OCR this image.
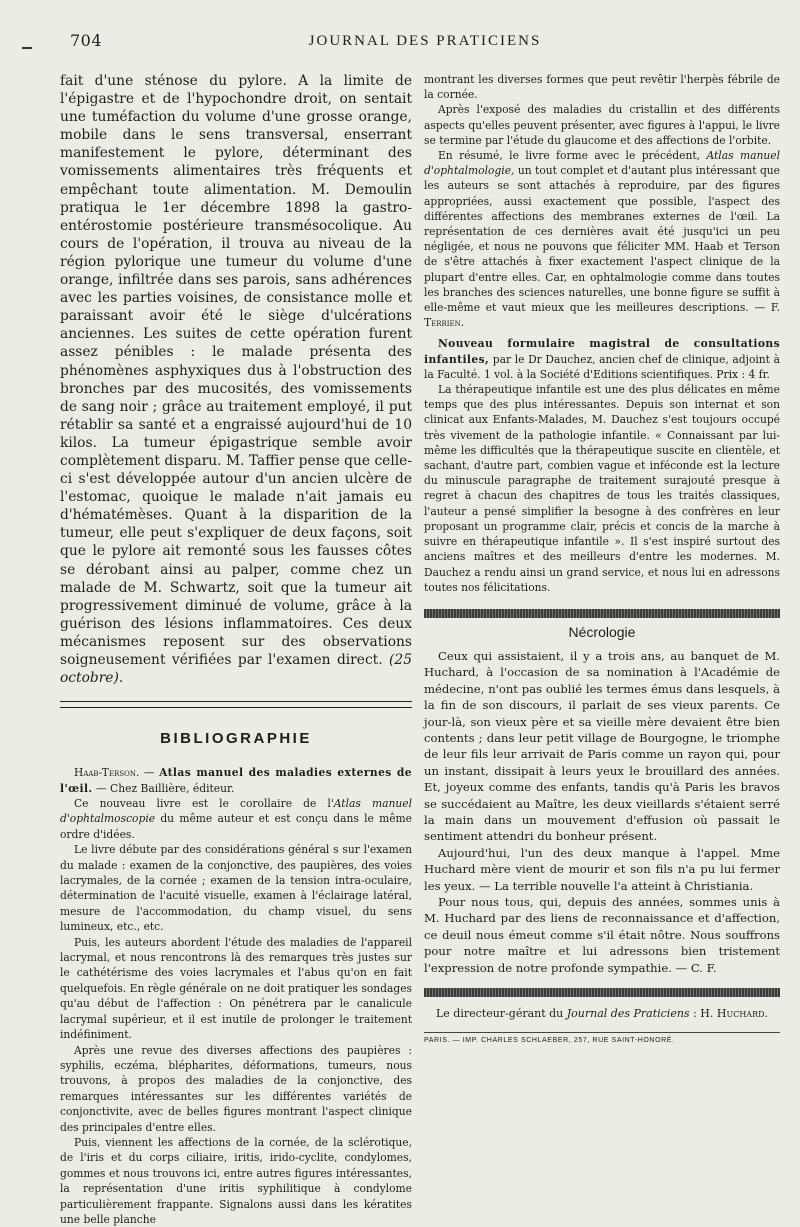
704	JOURNAL DES PRATICIENS

fait d'une sténose du pylore. A la limite de l'épigastre et de l'hypochondre droit, on sentait une tuméfaction du volume d'une grosse orange, mobile dans le sens transversal, enserrant manifestement le pylore, déterminant des vomissements alimentaires très fréquents et empêchant toute alimentation. M. Demoulin pratiqua le 1er décembre 1898 la gastro-entérostomie postérieure transmésocolique. Au cours de l'opération, il trouva au niveau de la région pylorique une tumeur du volume d'une orange, infiltrée dans ses parois, sans adhérences avec les parties voisines, de consistance molle et paraissant avoir été le siège d'ulcérations anciennes. Les suites de cette opération furent assez pénibles : le malade présenta des phénomènes asphyxiques dus à l'obstruction des bronches par des mucosités, des vomissements de sang noir ; grâce au traitement employé, il put rétablir sa santé et a engraissé aujourd'hui de 10 kilos. La tumeur épigastrique semble avoir complètement disparu. M. Taffier pense que celle-ci s'est développée autour d'un ancien ulcère de l'estomac, quoique le malade n'ait jamais eu d'hématémèses. Quant à la disparition de la tumeur, elle peut s'expliquer de deux façons, soit que le pylore ait remonté sous les fausses côtes se dérobant ainsi au palper, comme chez un malade de M. Schwartz, soit que la tumeur ait progressivement diminué de volume, grâce à la guérison des lésions inflammatoires. Ces deux mécanismes reposent sur des observations soigneusement vérifiées par l'examen direct. (25 octobre).

BIBLIOGRAPHIE

Haab-Terson. — Atlas manuel des maladies externes de l'œil. — Chez Baillière, éditeur.

Ce nouveau livre est le corollaire de l'Atlas manuel d'ophtalmoscopie du même auteur et est conçu dans le même ordre d'idées.

Le livre débute par des considérations général s sur l'examen du malade : examen de la conjonctive, des paupières, des voies lacrymales, de la cornée ; examen de la tension intra-oculaire, détermination de l'acuité visuelle, examen à l'éclairage latéral, mesure de l'accommodation, du champ visuel, du sens lumineux, etc., etc.

Puis, les auteurs abordent l'étude des maladies de l'appareil lacrymal, et nous rencontrons là des remarques très justes sur le cathétérisme des voies lacrymales et l'abus qu'on en fait quelquefois. En règle générale on ne doit pratiquer les sondages qu'au début de l'affection : On pénétrera par le canalicule lacrymal supérieur, et il est inutile de prolonger le traitement indéfiniment.

Après une revue des diverses affections des paupières : syphilis, eczéma, blépharites, déformations, tumeurs, nous trouvons, à propos des maladies de la conjonctive, des remarques intéressantes sur les différentes variétés de conjonctivite, avec de belles figures montrant l'aspect clinique des principales d'entre elles.

Puis, viennent les affections de la cornée, de la sclérotique, de l'iris et du corps ciliaire, iritis, irido-cyclite, condylomes, gommes et nous trouvons ici, entre autres figures intéressantes, la représentation d'une iritis syphilitique à condylome particulièrement frappante. Signalons aussi dans les kératites une belle planche

montrant les diverses formes que peut revêtir l'herpès fébrile de la cornée.

Après l'exposé des maladies du cristallin et des différents aspects qu'elles peuvent présenter, avec figures à l'appui, le livre se termine par l'étude du glaucome et des affections de l'orbite.

En résumé, le livre forme avec le précédent, Atlas manuel d'ophtalmologie, un tout complet et d'autant plus intéressant que les auteurs se sont attachés à reproduire, par des figures appropriées, aussi exactement que possible, l'aspect des différentes affections des membranes externes de l'œil. La représentation de ces dernières avait été jusqu'ici un peu négligée, et nous ne pouvons que féliciter MM. Haab et Terson de s'être attachés à fixer exactement l'aspect clinique de la plupart d'entre elles. Car, en ophtalmologie comme dans toutes les branches des sciences naturelles, une bonne figure se suffit à elle-même et vaut mieux que les meilleures descriptions. — F. Terrien.

Nouveau formulaire magistral de consultations infantiles, par le Dr Dauchez, ancien chef de clinique, adjoint à la Faculté. 1 vol. à la Société d'Editions scientifiques. Prix : 4 fr.

La thérapeutique infantile est une des plus délicates en même temps que des plus intéressantes. Depuis son internat et son clinicat aux Enfants-Malades, M. Dauchez s'est toujours occupé très vivement de la pathologie infantile. « Connaissant par lui-même les difficultés que la thérapeutique suscite en clientèle, et sachant, d'autre part, combien vague et inféconde est la lecture du minuscule paragraphe de traitement surajouté presque à regret à chacun des chapitres de tous les traités classiques, l'auteur a pensé simplifier la besogne à des confrères en leur proposant un programme clair, précis et concis de la marche à suivre en thérapeutique infantile ». Il s'est inspiré surtout des anciens maîtres et des meilleurs d'entre les modernes. M. Dauchez a rendu ainsi un grand service, et nous lui en adressons toutes nos félicitations.

Nécrologie

Ceux qui assistaient, il y a trois ans, au banquet de M. Huchard, à l'occasion de sa nomination à l'Académie de médecine, n'ont pas oublié les termes émus dans lesquels, à la fin de son discours, il parlait de ses vieux parents. Ce jour-là, son vieux père et sa vieille mère devaient être bien contents ; dans leur petit village de Bourgogne, le triomphe de leur fils leur arrivait de Paris comme un rayon qui, pour un instant, dissipait à leurs yeux le brouillard des années. Et, joyeux comme des enfants, tandis qu'à Paris les bravos se succédaient au Maître, les deux vieillards s'étaient serré la main dans un mouvement d'effusion où passait le sentiment attendri du bonheur présent.

Aujourd'hui, l'un des deux manque à l'appel. Mme Huchard mère vient de mourir et son fils n'a pu lui fermer les yeux. — La terrible nouvelle l'a atteint à Christiania.

Pour nous tous, qui, depuis des années, sommes unis à M. Huchard par des liens de reconnaissance et d'affection, ce deuil nous émeut comme s'il était nôtre. Nous souffrons pour notre maître et lui adressons bien tristement l'expression de notre profonde sympathie. — C. F.

Le directeur-gérant du Journal des Praticiens : H. Huchard.

PARIS. — IMP. CHARLES SCHLAEBER, 257, RUE SAINT-HONORÉ.
